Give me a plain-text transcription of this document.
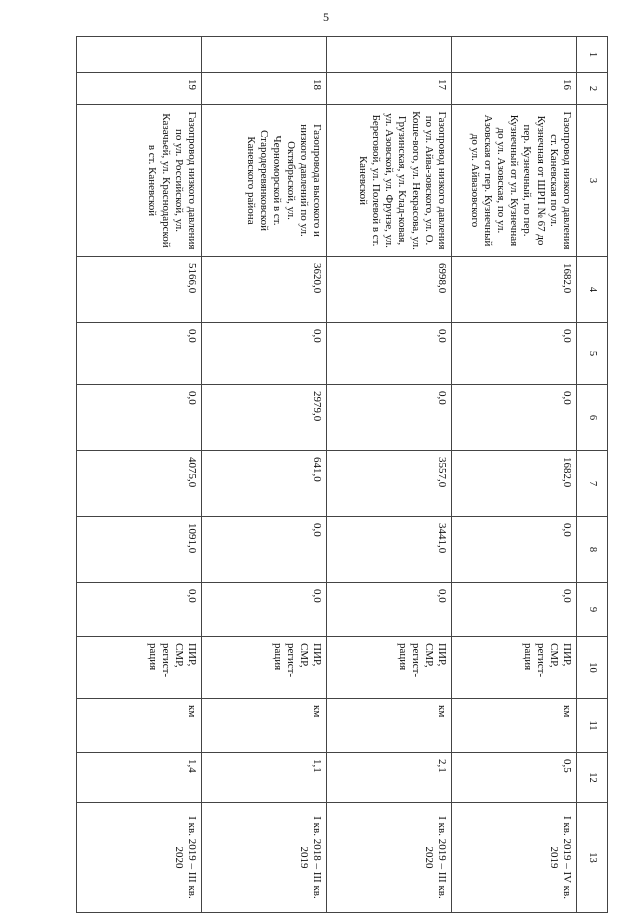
5
1	2	3	4	5	6	7	8	9	10	11	12	13
	16	Газопровод низкого давления ст. Каневская по ул. Кузнечная от ШРП № 67 до пер. Кузнечный, по пер. Кузнечный от ул. Кузнечная до ул. Азовская, по ул. Азовская от пер. Кузнечный до ул. Айвазовского	1682,0	0,0	0,0	1682,0	0,0	0,0	ПИР, СМР, регист-рация	км	0,5	I кв. 2019 – IV кв. 2019
	17	Газопровод низкого давления по ул. Айва-зовского, ул. О. Коше-вого, ул. Некрасова, ул. Грузинская, ул. Клад-ковая, ул. Азовской, ул. Фрунзе, ул. Береговой, ул. Полевой в ст. Каневской	6998,0	0,0	0,0	3557,0	3441,0	0,0	ПИР, СМР, регист-рация	км	2,1	I кв. 2019 – III кв. 2020
	18	Газопровода высокого и низкого давлений по ул. Октябрьской, ул. Черноморской в ст. Стародеревянковской Каневского района	3620,0	0,0	2979,0	641,0	0,0	0,0	ПИР, СМР, регист-рация	км	1,1	I кв. 2018 – III кв. 2019
	19	Газопровод низкого давления по ул. Российской, ул. Казачьей, ул. Краснодарской в ст. Каневской	5166,0	0,0	0,0	4075,0	1091,0	0,0	ПИР, СМР, регист-рация	км	1,4	I кв. 2019 – III кв. 2020
